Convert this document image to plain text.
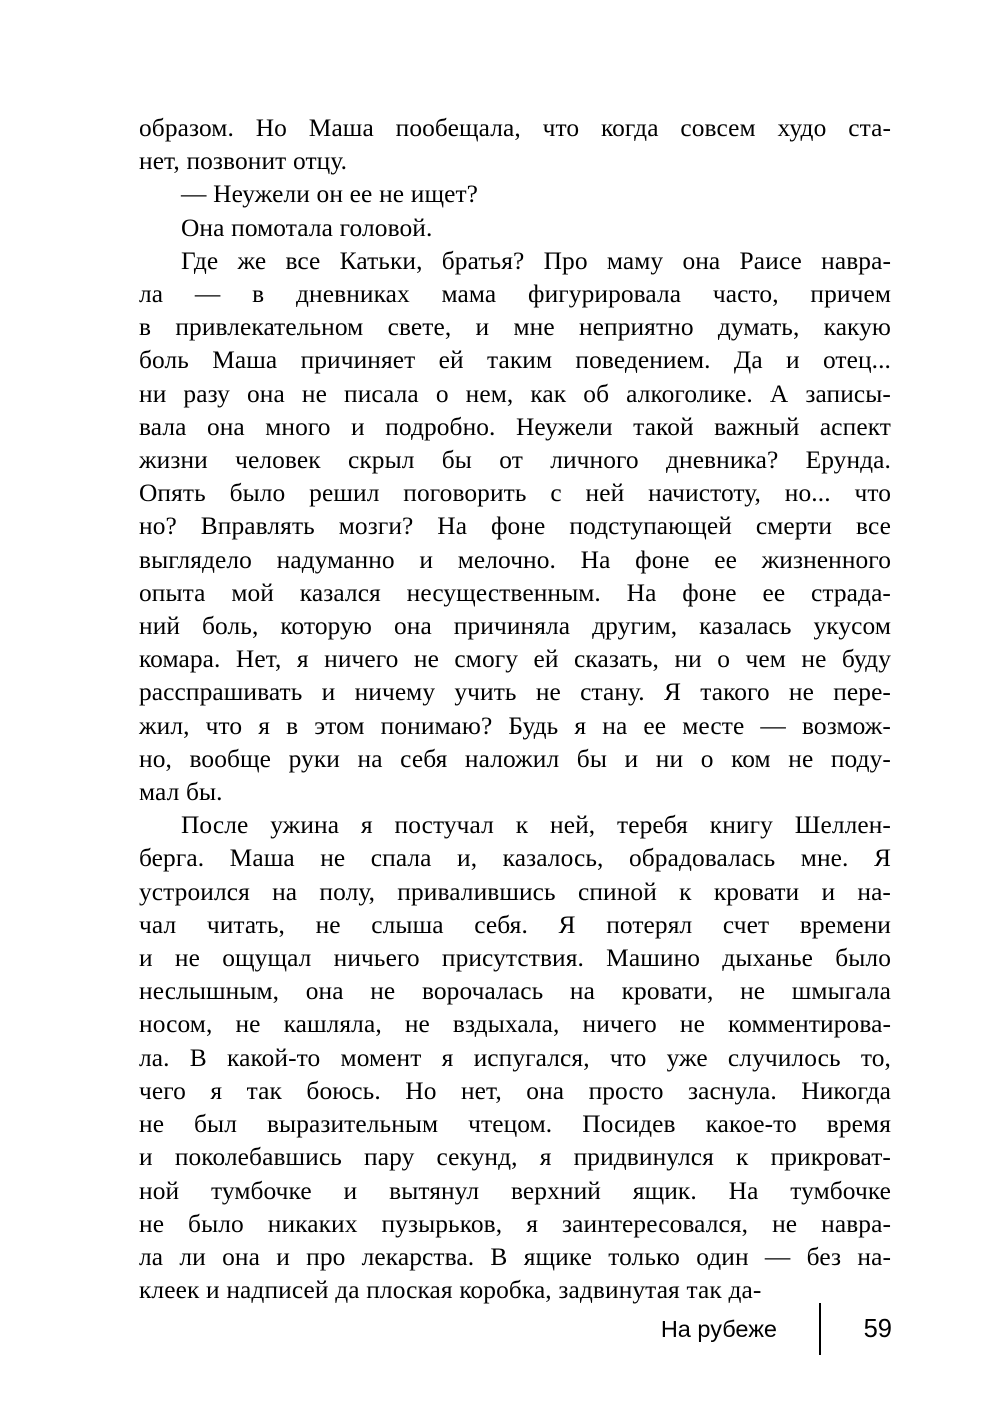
образом. Но Маша пообещала, что когда совсем худо ста-
нет, позвонит отцу.

— Неужели он ее не ищет?

Она помотала головой.

Где же все Катьки, братья? Про маму она Раисе навра-
ла — в дневниках мама фигурировала часто, причем
в привлекательном свете, и мне неприятно думать, какую
боль Маша причиняет ей таким поведением. Да и отец...
ни разу она не писала о нем, как об алкоголике. А записы-
вала она много и подробно. Неужели такой важный аспект
жизни человек скрыл бы от личного дневника? Ерунда.
Опять было решил поговорить с ней начистоту, но... что
но? Вправлять мозги? На фоне подступающей смерти все
выглядело надуманно и мелочно. На фоне ее жизненного
опыта мой казался несущественным. На фоне ее страда-
ний боль, которую она причиняла другим, казалась укусом
комара. Нет, я ничего не смогу ей сказать, ни о чем не буду
расспрашивать и ничему учить не стану. Я такого не пере-
жил, что я в этом понимаю? Будь я на ее месте — возмож-
но, вообще руки на себя наложил бы и ни о ком не поду-
мал бы.

После ужина я постучал к ней, теребя книгу Шеллен-
берга. Маша не спала и, казалось, обрадовалась мне. Я
устроился на полу, привалившись спиной к кровати и на-
чал читать, не слыша себя. Я потерял счет времени
и не ощущал ничьего присутствия. Машино дыханье было
неслышным, она не ворочалась на кровати, не шмыгала
носом, не кашляла, не вздыхала, ничего не комментирова-
ла. В какой-то момент я испугался, что уже случилось то,
чего я так боюсь. Но нет, она просто заснула. Никогда
не был выразительным чтецом. Посидев какое-то время
и поколебавшись пару секунд, я придвинулся к прикроват-
ной тумбочке и вытянул верхний ящик. На тумбочке
не было никаких пузырьков, я заинтересовался, не навра-
ла ли она и про лекарства. В ящике только один — без на-
клеек и надписей да плоская коробка, задвинутая так да-

На рубеже	59
